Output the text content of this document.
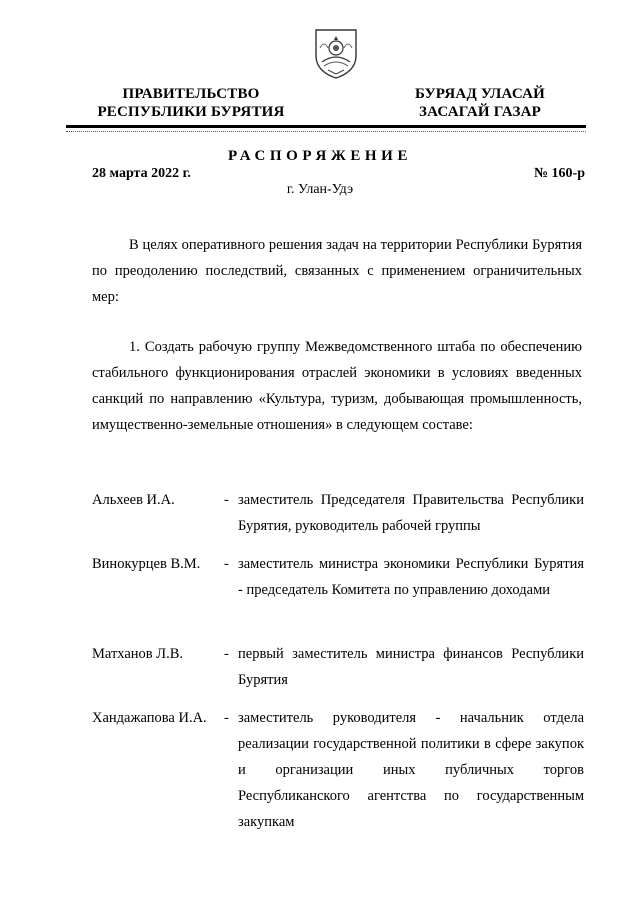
ПРАВИТЕЛЬСТВО
РЕСПУБЛИКИ БУРЯТИЯ
БУРЯАД УЛАСАЙ
ЗАСАГАЙ ГАЗАР
РАСПОРЯЖЕНИЕ
28 марта 2022 г.	№ 160-р
г. Улан-Удэ
В целях оперативного решения задач на территории Республики Бурятия по преодолению последствий, связанных с применением ограничительных мер:
1. Создать рабочую группу Межведомственного штаба по обеспечению стабильного функционирования отраслей экономики в условиях введенных санкций по направлению «Культура, туризм, добывающая промышленность, имущественно-земельные отношения» в следующем составе:
Альхеев И.А.	- заместитель Председателя Правительства Республики Бурятия, руководитель рабочей группы
Винокурцев В.М. - заместитель министра экономики Республики Бурятия - председатель Комитета по управлению доходами
Матханов Л.В.	- первый заместитель министра финансов Республики Бурятия
Хандажапова И.А. - заместитель руководителя - начальник отдела реализации государственной политики в сфере закупок и организации иных публичных торгов Республиканского агентства по государственным закупкам
